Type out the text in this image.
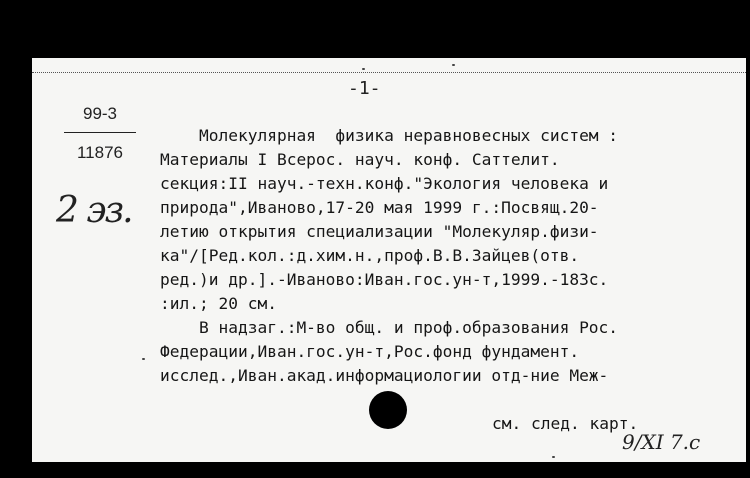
-1-
99-3
11876
2 эз.
Молекулярная  физика неравновесных систем :
Материалы I Всерос. науч. конф. Саттелит.
секция:II науч.-техн.конф."Экология человека и
природа",Иваново,17-20 мая 1999 г.:Посвящ.20-
летию открытия специализации "Молекуляр.физи-
ка"/[Ред.кол.:д.хим.н.,проф.В.В.Зайцев(отв.
ред.)и др.].-Иваново:Иван.гос.ун-т,1999.-183с.
:ил.; 20 см.
В надзаг.:М-во общ. и проф.образования Рос.
Федерации,Иван.гос.ун-т,Рос.фонд фундамент.
исслед.,Иван.акад.информациологии отд-ние Меж-
см. след. карт.
9/XI 7.с
